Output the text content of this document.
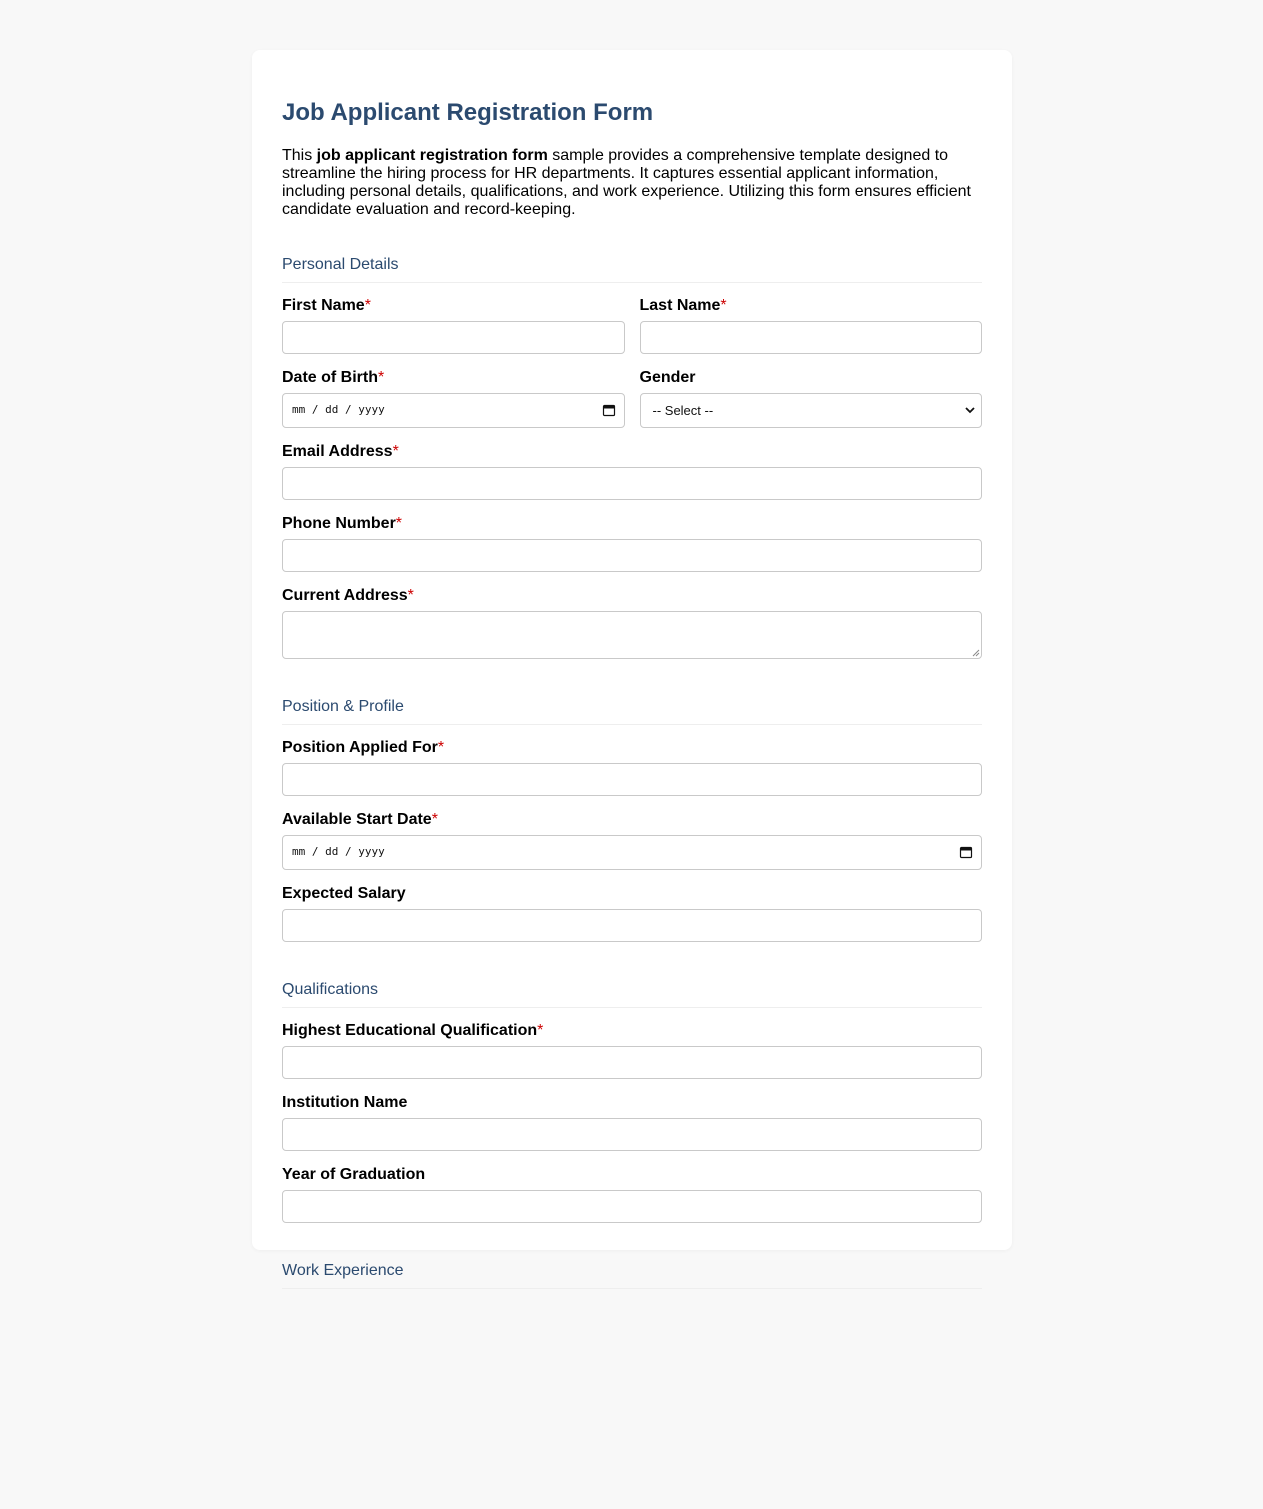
Job Applicant Registration Form

This job applicant registration form sample provides a comprehensive template designed to streamline the hiring process for HR departments. It captures essential applicant information, including personal details, qualifications, and work experience. Utilizing this form ensures efficient candidate evaluation and record-keeping.

Personal Details
First Name*	Last Name*
Date of Birth*
mm / dd / yyyy
Gender
-- Select --
Email Address*
Phone Number*
Current Address*
Position & Profile
Position Applied For*
Available Start Date*
mm / dd / yyyy
Expected Salary
Qualifications
Highest Educational Qualification*
Institution Name
Year of Graduation
Work Experience
